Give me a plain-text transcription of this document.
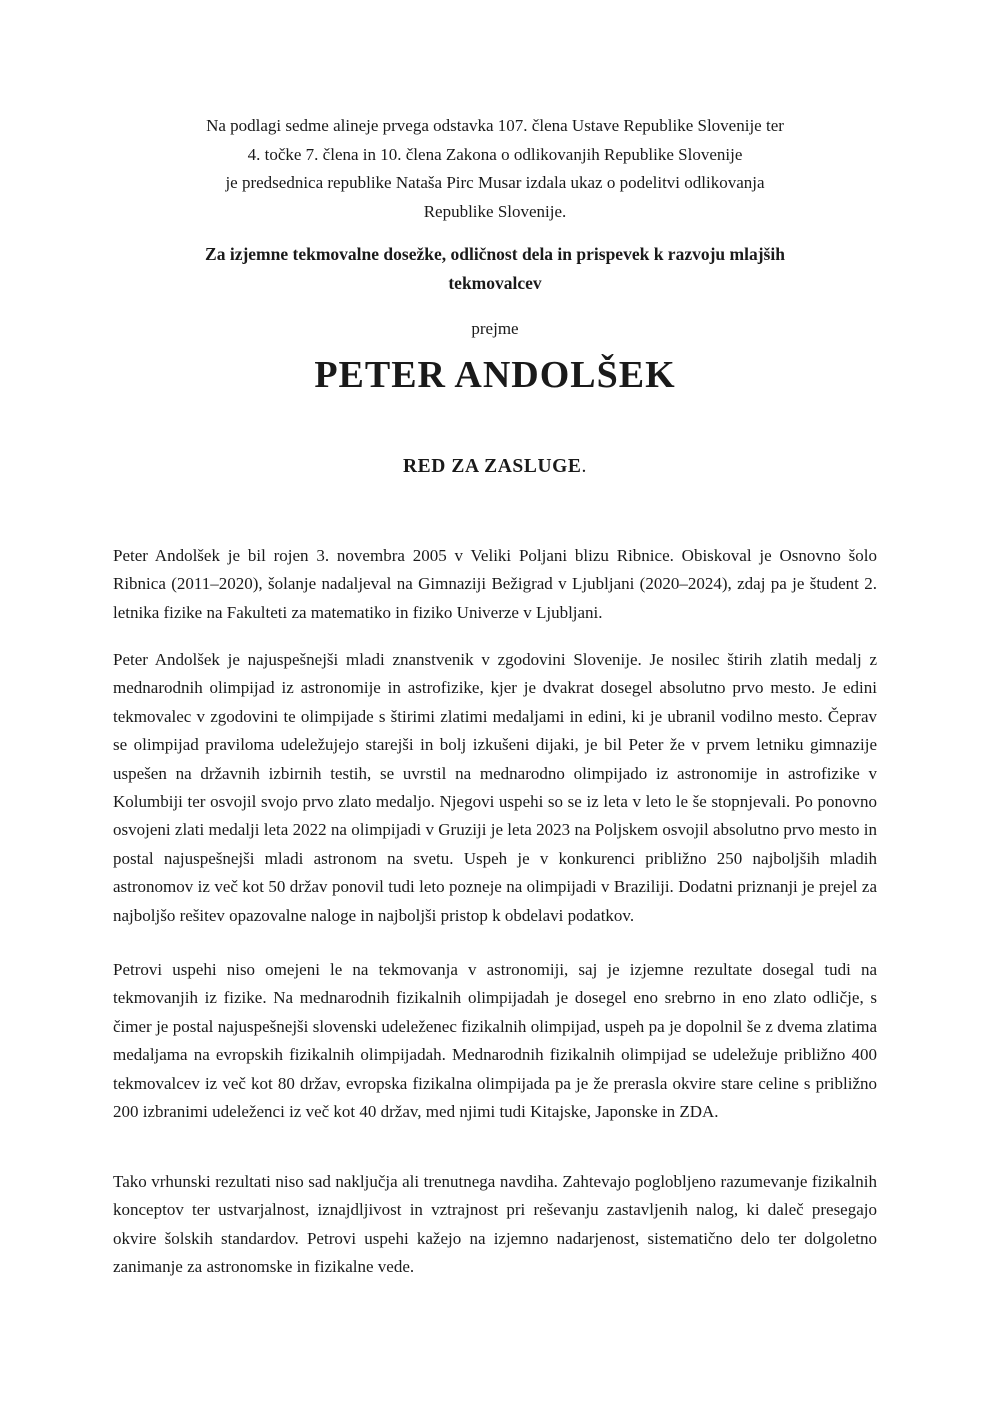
Na podlagi sedme alineje prvega odstavka 107. člena Ustave Republike Slovenije ter
4. točke 7. člena in 10. člena Zakona o odlikovanjih Republike Slovenije
je predsednica republike Nataša Pirc Musar izdala ukaz o podelitvi odlikovanja
Republike Slovenije.
Za izjemne tekmovalne dosežke, odličnost dela in prispevek k razvoju mlajših
tekmovalcev
prejme
PETER ANDOLŠEK
RED ZA ZASLUGE.

Peter Andolšek je bil rojen 3. novembra 2005 v Veliki Poljani blizu Ribnice. Obiskoval je Osnovno šolo Ribnica (2011–2020), šolanje nadaljeval na Gimnaziji Bežigrad v Ljubljani (2020–2024), zdaj pa je študent 2. letnika fizike na Fakulteti za matematiko in fiziko Univerze v Ljubljani.

Peter Andolšek je najuspešnejši mladi znanstvenik v zgodovini Slovenije. Je nosilec štirih zlatih medalj z mednarodnih olimpijad iz astronomije in astrofizike, kjer je dvakrat dosegel absolutno prvo mesto. Je edini tekmovalec v zgodovini te olimpijade s štirimi zlatimi medaljami in edini, ki je ubranil vodilno mesto. Čeprav se olimpijad praviloma udeležujejo starejši in bolj izkušeni dijaki, je bil Peter že v prvem letniku gimnazije uspešen na državnih izbirnih testih, se uvrstil na mednarodno olimpijado iz astronomije in astrofizike v Kolumbiji ter osvojil svojo prvo zlato medaljo. Njegovi uspehi so se iz leta v leto le še stopnjevali. Po ponovno osvojeni zlati medalji leta 2022 na olimpijadi v Gruziji je leta 2023 na Poljskem osvojil absolutno prvo mesto in postal najuspešnejši mladi astronom na svetu. Uspeh je v konkurenci približno 250 najboljših mladih astronomov iz več kot 50 držav ponovil tudi leto pozneje na olimpijadi v Braziliji. Dodatni priznanji je prejel za najboljšo rešitev opazovalne naloge in najboljši pristop k obdelavi podatkov.

Petrovi uspehi niso omejeni le na tekmovanja v astronomiji, saj je izjemne rezultate dosegal tudi na tekmovanjih iz fizike. Na mednarodnih fizikalnih olimpijadah je dosegel eno srebrno in eno zlato odličje, s čimer je postal najuspešnejši slovenski udeleženec fizikalnih olimpijad, uspeh pa je dopolnil še z dvema zlatima medaljama na evropskih fizikalnih olimpijadah. Mednarodnih fizikalnih olimpijad se udeležuje približno 400 tekmovalcev iz več kot 80 držav, evropska fizikalna olimpijada pa je že prerasla okvire stare celine s približno 200 izbranimi udeleženci iz več kot 40 držav, med njimi tudi Kitajske, Japonske in ZDA.

Tako vrhunski rezultati niso sad naključja ali trenutnega navdiha. Zahtevajo poglobljeno razumevanje fizikalnih konceptov ter ustvarjalnost, iznajdljivost in vztrajnost pri reševanju zastavljenih nalog, ki daleč presegajo okvire šolskih standardov. Petrovi uspehi kažejo na izjemno nadarjenost, sistematično delo ter dolgoletno zanimanje za astronomske in fizikalne vede.
